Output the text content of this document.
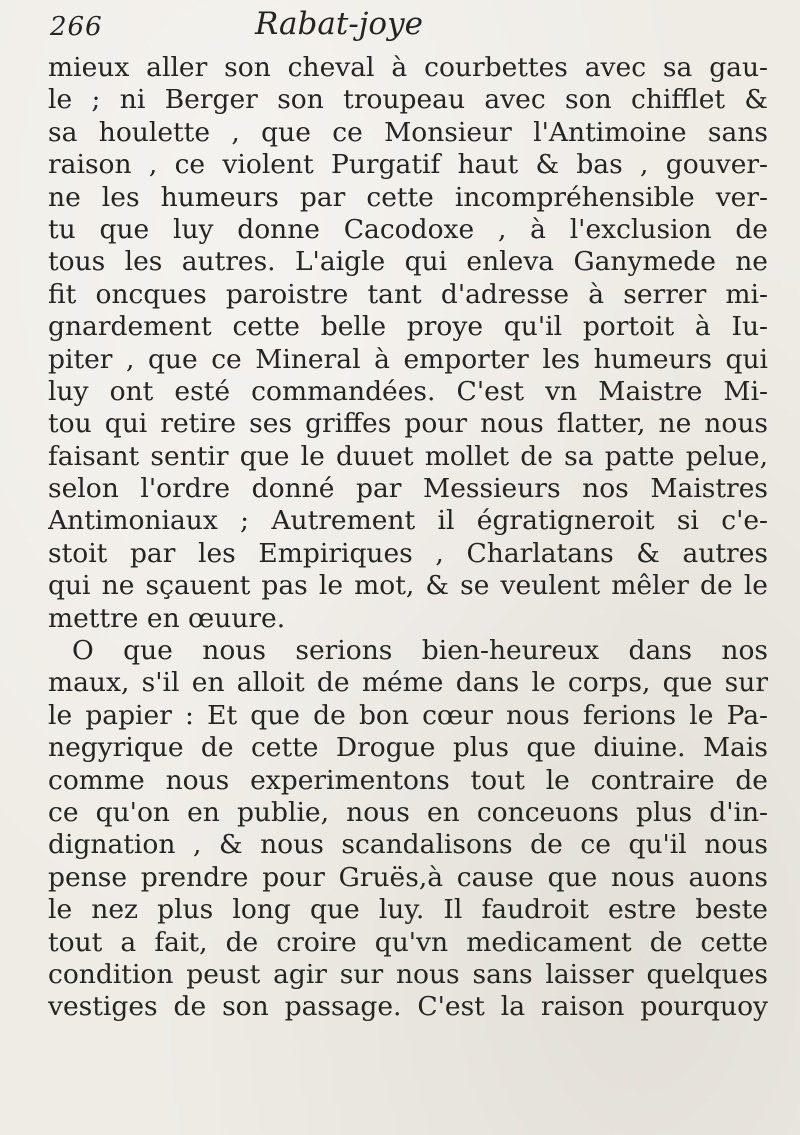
266	Rabat-joye
mieux aller son cheval à courbettes avec sa gau-
le ; ni Berger son troupeau avec son chifflet &
sa houlette , que ce Monsieur l'Antimoine sans
raison , ce violent Purgatif haut & bas , gouver-
ne les humeurs par cette incompréhensible ver-
tu que luy donne Cacodoxe , à l'exclusion de
tous les autres. L'aigle qui enleva Ganymede ne
fit oncques paroistre tant d'adresse à serrer mi-
gnardement cette belle proye qu'il portoit à Iu-
piter , que ce Mineral à emporter les humeurs qui
luy ont esté commandées. C'est vn Maistre Mi-
tou qui retire ses griffes pour nous flatter, ne nous
faisant sentir que le duuet mollet de sa patte pelue,
selon l'ordre donné par Messieurs nos Maistres
Antimoniaux ; Autrement il égratigneroit si c'e-
stoit par les Empiriques , Charlatans & autres
qui ne sçauent pas le mot, & se veulent mêler de le
mettre en œuure.
O que nous serions bien-heureux dans nos
maux, s'il en alloit de méme dans le corps, que sur
le papier : Et que de bon cœur nous ferions le Pa-
negyrique de cette Drogue plus que diuine. Mais
comme nous experimentons tout le contraire de
ce qu'on en publie, nous en conceuons plus d'in-
dignation , & nous scandalisons de ce qu'il nous
pense prendre pour Gruës,à cause que nous auons
le nez plus long que luy. Il faudroit estre beste
tout a fait, de croire qu'vn medicament de cette
condition peust agir sur nous sans laisser quelques
vestiges de son passage. C'est la raison pourquoy
